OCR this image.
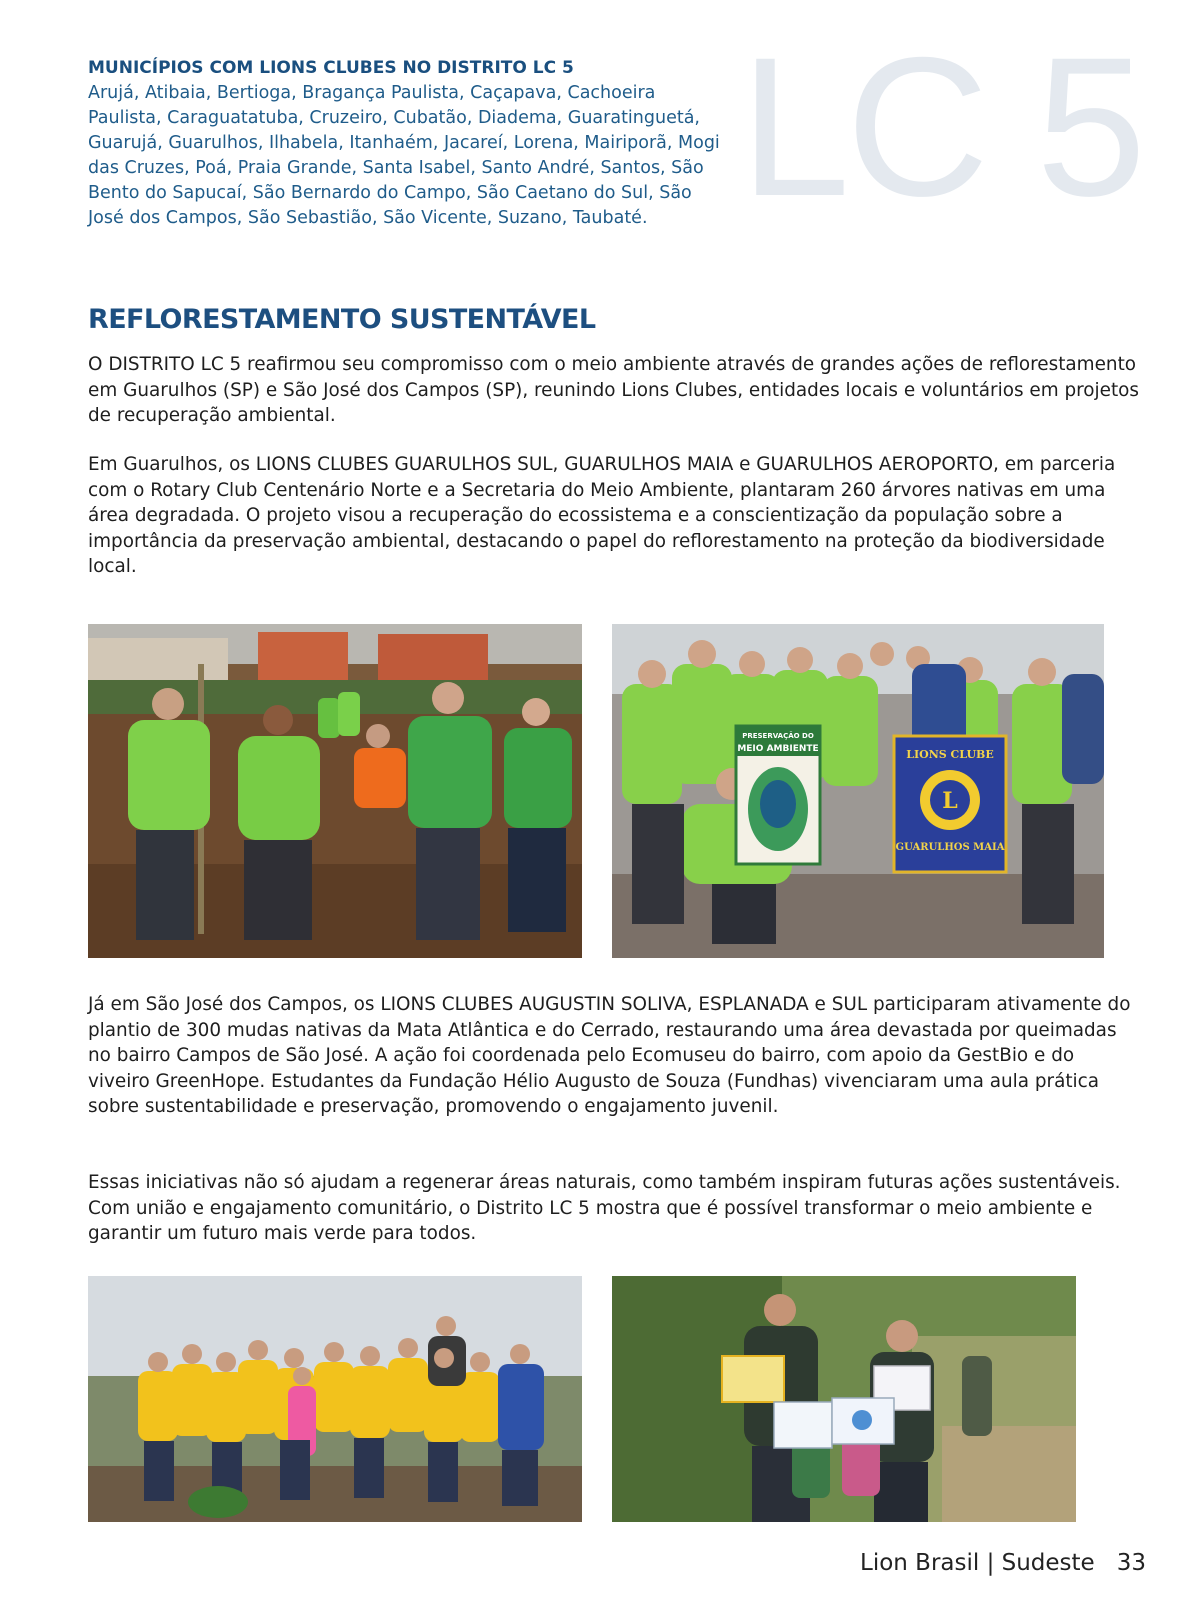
LC 5
MUNICÍPIOS COM LIONS CLUBES NO DISTRITO LC 5
Arujá, Atibaia, Bertioga, Bragança Paulista, Caçapava, Cachoeira Paulista, Caraguatatuba, Cruzeiro, Cubatão, Diadema, Guaratinguetá, Guarujá, Guarulhos, Ilhabela, Itanhaém, Jacareí, Lorena, Mairiporã, Mogi das Cruzes, Poá, Praia Grande, Santa Isabel, Santo André, Santos, São Bento do Sapucaí, São Bernardo do Campo, São Caetano do Sul, São José dos Campos, São Sebastião, São Vicente, Suzano, Taubaté.
REFLORESTAMENTO SUSTENTÁVEL

O DISTRITO LC 5 reafirmou seu compromisso com o meio ambiente através de grandes ações de reflorestamento em Guarulhos (SP) e São José dos Campos (SP), reunindo Lions Clubes, entidades locais e voluntários em projetos de recuperação ambiental.

Em Guarulhos, os LIONS CLUBES GUARULHOS SUL, GUARULHOS MAIA e GUARULHOS AEROPORTO, em parceria com o Rotary Club Centenário Norte e a Secretaria do Meio Ambiente, plantaram 260 árvores nativas em uma área degradada. O projeto visou a recuperação do ecossistema e a conscientização da população sobre a importância da preservação ambiental, destacando o papel do reflorestamento na proteção da biodiversidade local.

PRESERVAÇÃO DO
MEIO AMBIENTE	LIONS CLUBE
L
GUARULHOS MAIA

Já em São José dos Campos, os LIONS CLUBES AUGUSTIN SOLIVA, ESPLANADA e SUL participaram ativamente do plantio de 300 mudas nativas da Mata Atlântica e do Cerrado, restaurando uma área devastada por queimadas no bairro Campos de São José. A ação foi coordenada pelo Ecomuseu do bairro, com apoio da GestBio e do viveiro GreenHope. Estudantes da Fundação Hélio Augusto de Souza (Fundhas) vivenciaram uma aula prática sobre sustentabilidade e preservação, promovendo o engajamento juvenil.

Essas iniciativas não só ajudam a regenerar áreas naturais, como também inspiram futuras ações sustentáveis. Com união e engajamento comunitário, o Distrito LC 5 mostra que é possível transformar o meio ambiente e garantir um futuro mais verde para todos.

Lion Brasil | Sudeste 33
